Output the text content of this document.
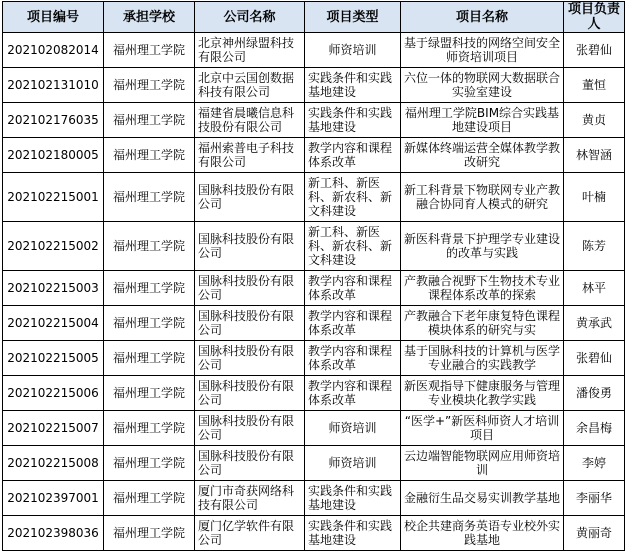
项目编号	承担学校	公司名称	项目类型	项目名称	项目负责人
202102082014	福州理工学院	北京神州绿盟科技有限公司	师资培训	基于绿盟科技的网络空间安全师资培训项目	张碧仙
202102131010	福州理工学院	北京中云国创数据科技有限公司	实践条件和实践基地建设	六位一体的物联网大数据联合实验室建设	董恒
202102176035	福州理工学院	福建省晨曦信息科技股份有限公司	实践条件和实践基地建设	福州理工学院BIM综合实践基地建设项目	黄贞
202102180005	福州理工学院	福州索普电子科技有限公司	教学内容和课程体系改革	新媒体终端运营全媒体教学教改研究	林智涵
202102215001	福州理工学院	国脉科技股份有限公司	新工科、新医科、新农科、新文科建设	新工科背景下物联网专业产教融合协同育人模式的研究	叶楠
202102215002	福州理工学院	国脉科技股份有限公司	新工科、新医科、新农科、新文科建设	新医科背景下护理学专业建设的改革与实践	陈芳
202102215003	福州理工学院	国脉科技股份有限公司	教学内容和课程体系改革	产教融合视野下生物技术专业课程体系改革的探索	林平
202102215004	福州理工学院	国脉科技股份有限公司	教学内容和课程体系改革	产教融合下老年康复特色课程模块体系的研究与实	黄承武
202102215005	福州理工学院	国脉科技股份有限公司	教学内容和课程体系改革	基于国脉科技的计算机与医学专业融合的实践教学	张碧仙
202102215006	福州理工学院	国脉科技股份有限公司	教学内容和课程体系改革	新医观指导下健康服务与管理专业模块化教学实践	潘俊勇
202102215007	福州理工学院	国脉科技股份有限公司	师资培训	“医学+”新医科师资人才培训项目	余昌梅
202102215008	福州理工学院	国脉科技股份有限公司	师资培训	云边端智能物联网应用师资培训	李婷
202102397001	福州理工学院	厦门市奇获网络科技有限公司	实践条件和实践基地建设	金融衍生品交易实训教学基地	李丽华
202102398036	福州理工学院	厦门亿学软件有限公司	实践条件和实践基地建设	校企共建商务英语专业校外实践基地	黄丽奇
